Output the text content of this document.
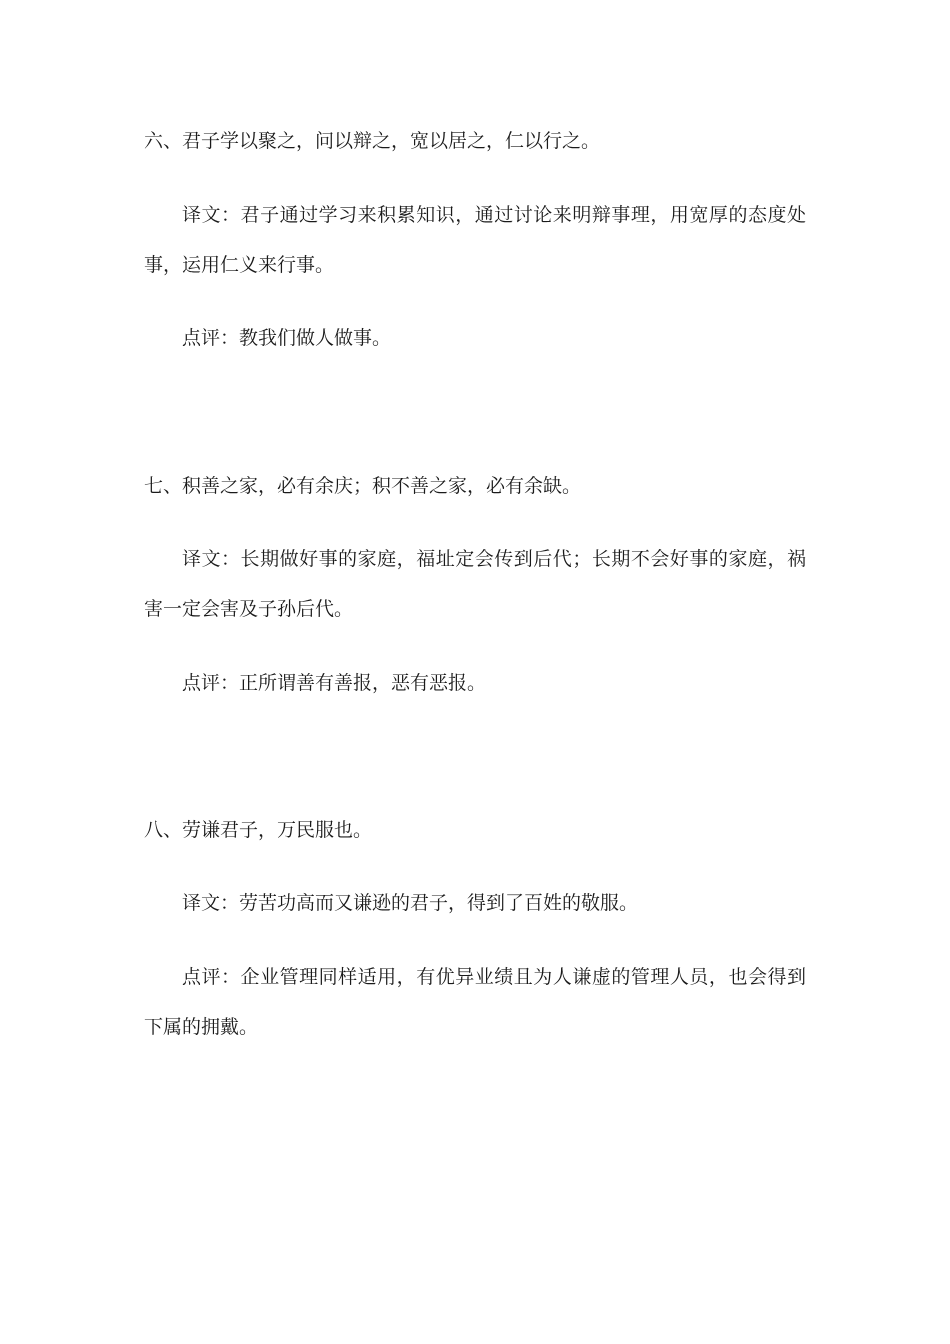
六、君子学以聚之，问以辩之，宽以居之，仁以行之。
译文：君子通过学习来积累知识，通过讨论来明辩事理，用宽厚的态度处
事，运用仁义来行事。
点评：教我们做人做事。
七、积善之家，必有余庆；积不善之家，必有余缺。
译文：长期做好事的家庭，福址定会传到后代；长期不会好事的家庭，祸
害一定会害及子孙后代。
点评：正所谓善有善报，恶有恶报。
八、劳谦君子，万民服也。
译文：劳苦功高而又谦逊的君子，得到了百姓的敬服。
点评：企业管理同样适用，有优异业绩且为人谦虚的管理人员，也会得到
下属的拥戴。
